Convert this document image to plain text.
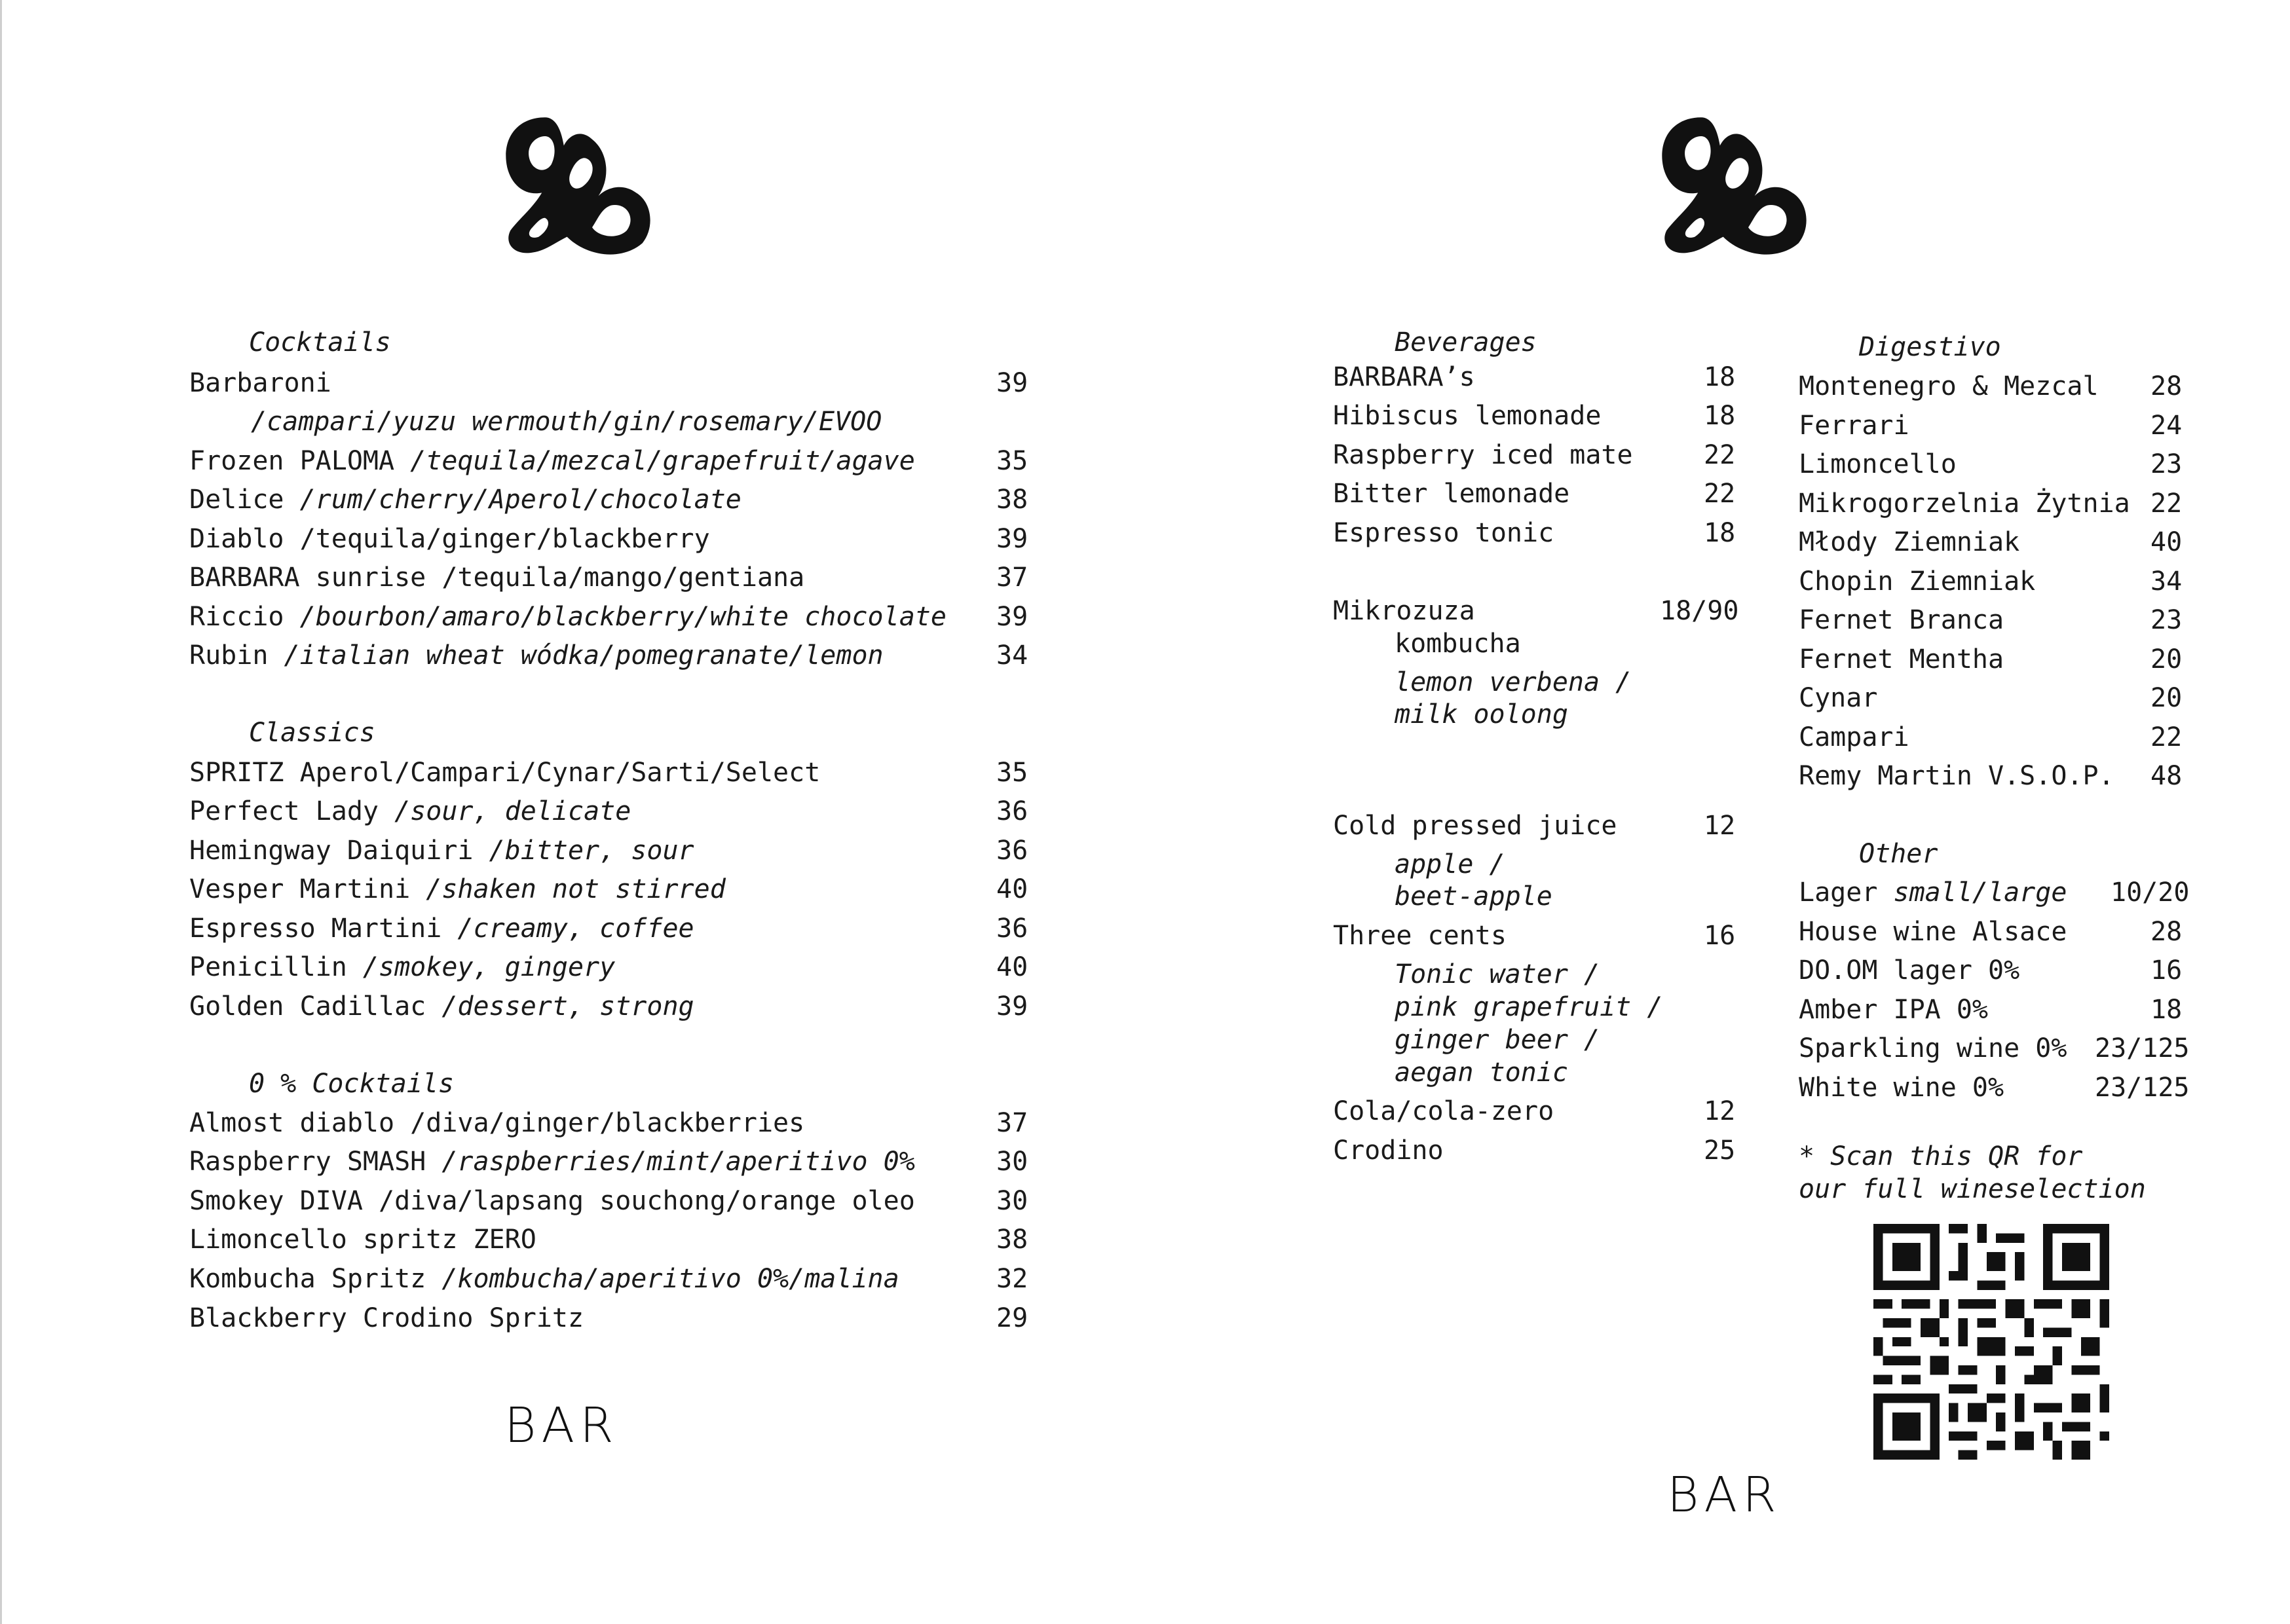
Cocktails
Barbaroni	39
/campari/yuzu wermouth/gin/rosemary/EVOO
Frozen PALOMA /tequila/mezcal/grapefruit/agave	35
Delice /rum/cherry/Aperol/chocolate	38
Diablo /tequila/ginger/blackberry	39
BARBARA sunrise /tequila/mango/gentiana	37
Riccio /bourbon/amaro/blackberry/white chocolate 39
Rubin /italian wheat wódka/pomegranate/lemon	34
Classics
SPRITZ Aperol/Campari/Cynar/Sarti/Select	35
Perfect Lady /sour, delicate	36
Hemingway Daiquiri /bitter, sour	36
Vesper Martini /shaken not stirred	40
Espresso Martini /creamy, coffee	36
Penicillin /smokey, gingery	40
Golden Cadillac /dessert, strong	39
0 % Cocktails
Almost diablo /diva/ginger/blackberries	37
Raspberry SMASH /raspberries/mint/aperitivo 0%	30
Smokey DIVA /diva/lapsang souchong/orange oleo	30
Limoncello spritz ZERO	38
Kombucha Spritz /kombucha/aperitivo 0%/malina	32
Blackberry Crodino Spritz	29
BAR
Beverages
BARBARA’s	18
Hibiscus lemonade	18
Raspberry iced mate	22
Bitter lemonade	22
Espresso tonic	18
Mikrozuza	18/90
kombucha
lemon verbena /
milk oolong
Cold pressed juice	12
apple /
beet-apple
Three cents	16
Tonic water /
pink grapefruit /
ginger beer /
aegan tonic
Cola/cola-zero	12
Crodino	25
Digestivo
Montenegro & Mezcal 28
Ferrari	24
Limoncello	23
Mikrogorzelnia Żytnia 22
Młody Ziemniak	40
Chopin Ziemniak	34
Fernet Branca	23
Fernet Mentha	20
Cynar	20
Campari	22
Remy Martin V.S.O.P. 48
Other
Lager small/large 10/20
House wine Alsace	28
DO.OM lager 0%	16
Amber IPA 0%	18
Sparkling wine 0% 23/125
White wine 0%	23/125
* Scan this QR for
our full wineselection
BAR
